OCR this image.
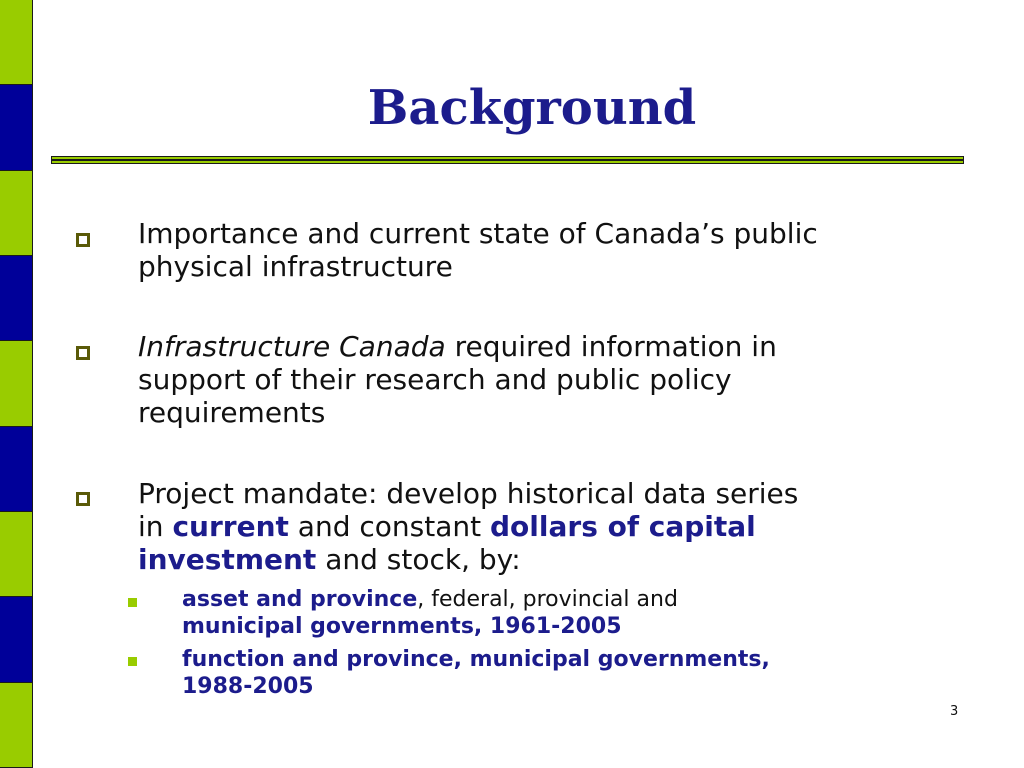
Background
Importance and current state of Canada’s public
physical infrastructure
Infrastructure Canada required information in
support of their research and public policy
requirements
Project mandate: develop historical data series
in current and constant dollars of capital
investment and stock, by:
asset and province, federal, provincial and
municipal governments, 1961-2005
function and province, municipal governments,
1988-2005
3
